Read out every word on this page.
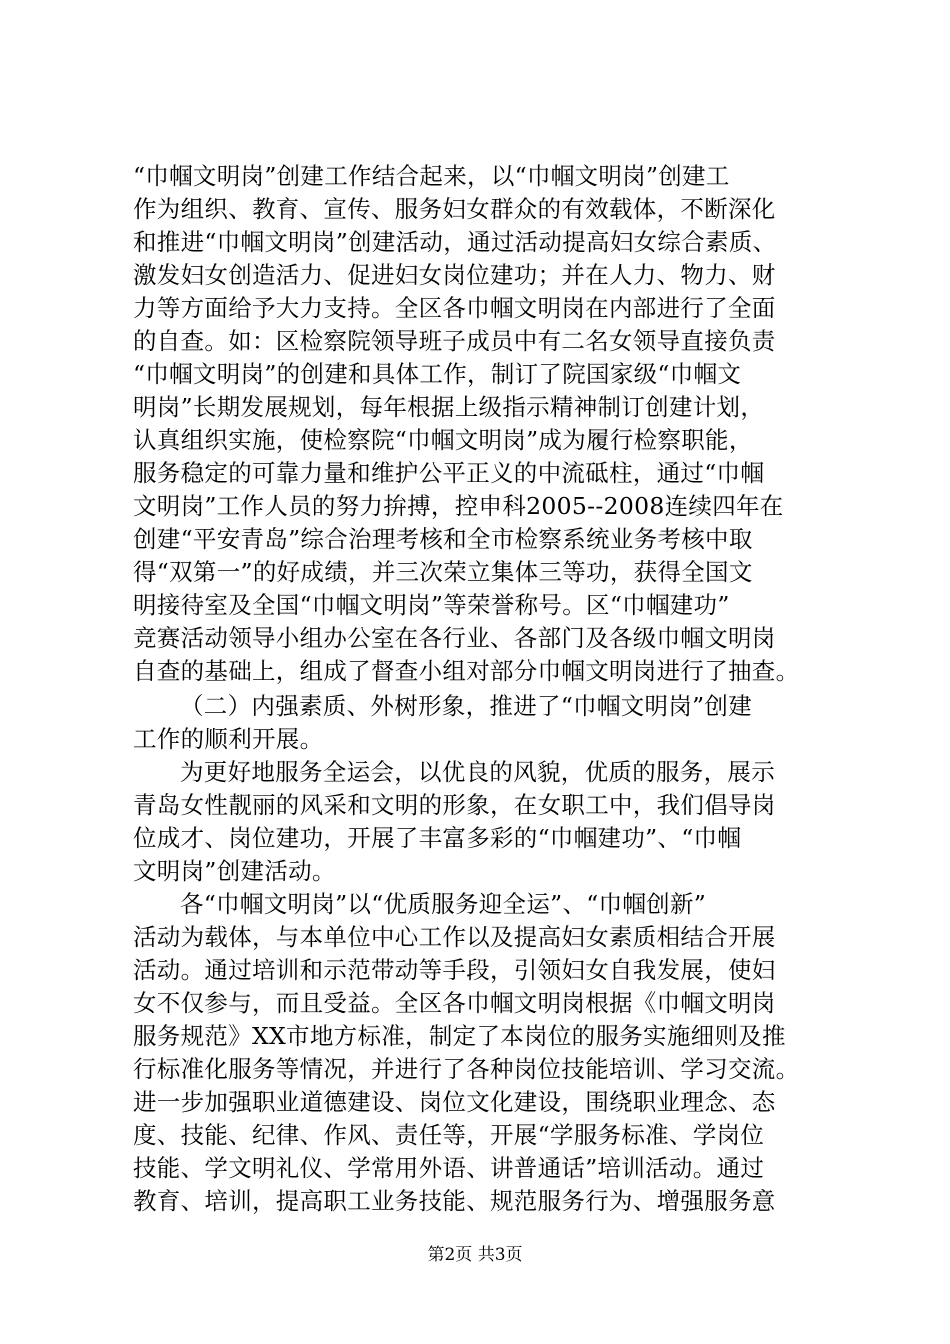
“巾帼文明岗”创建工作结合起来，以“巾帼文明岗”创建工
作为组织、教育、宣传、服务妇女群众的有效载体，不断深化
和推进“巾帼文明岗”创建活动，通过活动提高妇女综合素质、
激发妇女创造活力、促进妇女岗位建功；并在人力、物力、财
力等方面给予大力支持。全区各巾帼文明岗在内部进行了全面
的自查。如：区检察院领导班子成员中有二名女领导直接负责
“巾帼文明岗”的创建和具体工作，制订了院国家级“巾帼文
明岗”长期发展规划，每年根据上级指示精神制订创建计划，
认真组织实施，使检察院“巾帼文明岗”成为履行检察职能，
服务稳定的可靠力量和维护公平正义的中流砥柱，通过“巾帼
文明岗”工作人员的努力拚搏，控申科2005--2008连续四年在
创建“平安青岛”综合治理考核和全市检察系统业务考核中取
得“双第一”的好成绩，并三次荣立集体三等功，获得全国文
明接待室及全国“巾帼文明岗”等荣誉称号。区“巾帼建功”
竞赛活动领导小组办公室在各行业、各部门及各级巾帼文明岗
自查的基础上，组成了督查小组对部分巾帼文明岗进行了抽查。
（二）内强素质、外树形象，推进了“巾帼文明岗”创建
工作的顺利开展。
为更好地服务全运会，以优良的风貌，优质的服务，展示
青岛女性靓丽的风采和文明的形象，在女职工中，我们倡导岗
位成才、岗位建功，开展了丰富多彩的“巾帼建功”、“巾帼
文明岗”创建活动。
各“巾帼文明岗”以“优质服务迎全运”、“巾帼创新”
活动为载体，与本单位中心工作以及提高妇女素质相结合开展
活动。通过培训和示范带动等手段，引领妇女自我发展，使妇
女不仅参与，而且受益。全区各巾帼文明岗根据《巾帼文明岗
服务规范》XX市地方标准，制定了本岗位的服务实施细则及推
行标准化服务等情况，并进行了各种岗位技能培训、学习交流。
进一步加强职业道德建设、岗位文化建设，围绕职业理念、态
度、技能、纪律、作风、责任等，开展“学服务标准、学岗位
技能、学文明礼仪、学常用外语、讲普通话”培训活动。通过
教育、培训，提高职工业务技能、规范服务行为、增强服务意
第2页 共3页
